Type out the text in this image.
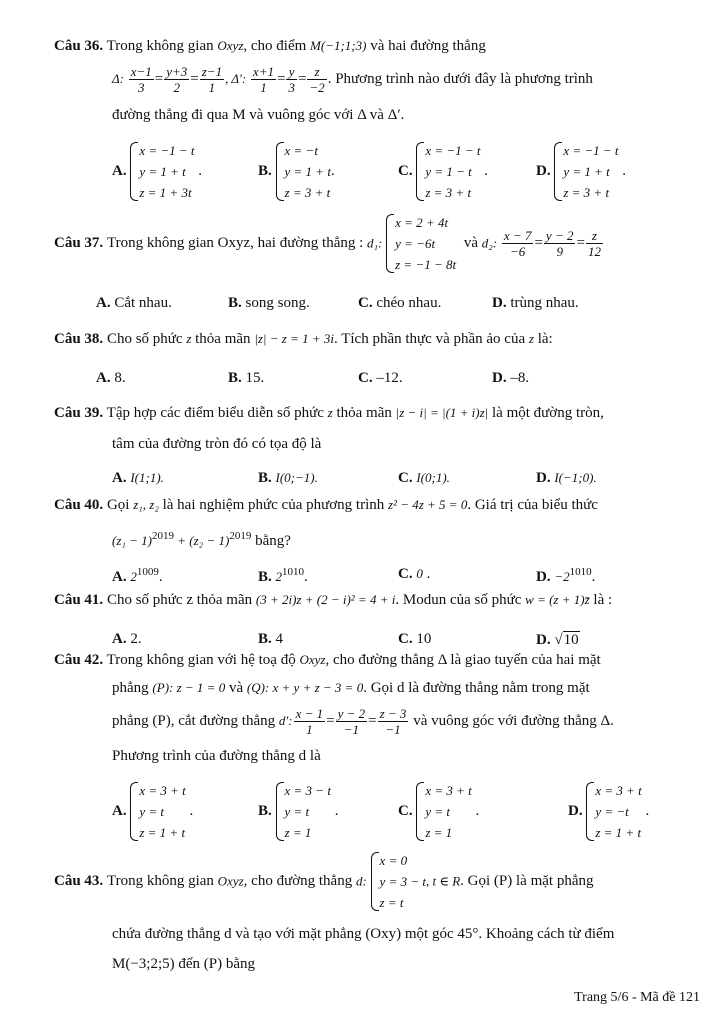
Câu 36. Trong không gian Oxyz, cho điểm M(−1;1;3) và hai đường thẳng
Δ: $\frac{x-1}{3} = \frac{y+3}{2} = \frac{z-1}{1}$ , Δ′: $\frac{x+1}{1} = \frac{y}{3} = \frac{z}{-2}$ . Phương trình nào dưới đây là phương trình
đường thẳng đi qua M và vuông góc với Δ và Δ′.
A.
x = −1 − t
y = 1 + t
z = 1 + 3t
.	B.
x = −t
y = 1 + t
z = 3 + t
.	C.
x = −1 − t
y = 1 − t
z = 3 + t
.	D.
x = −1 − t
y = 1 + t
z = 3 + t
.
Câu 37. Trong không gian Oxyz, hai đường thẳng : d₁:
x = 2 + 4t
y = −6t
z = −1 − 8t
và d₂: $\frac{x - 7}{-6} = \frac{y - 2}{9} = \frac{z}{12}$
A. Cắt nhau.	B. song song.	C. chéo nhau.	D. trùng nhau.
Câu 38. Cho số phức z thỏa mãn |z| − z = 1 + 3i. Tích phần thực và phần ảo của z là:
A. 8.	B. 15.	C. –12.	D. –8.
Câu 39. Tập hợp các điểm biểu diễn số phức z thỏa mãn |z − i| = |(1 + i)z| là một đường tròn,
tâm của đường tròn đó có tọa độ là
A. I(1;1).	B. I(0;−1).	C. I(0;1).	D. I(−1;0).
Câu 40. Gọi z₁, z₂ là hai nghiệm phức của phương trình z² − 4z + 5 = 0. Giá trị của biểu thức
$(z_1 - 1)^{2019} + (z_2 - 1)^{2019}$ bằng?
A. $2^{1009}$.	B. $2^{1010}$.	C. 0 .	D. $-2^{1010}$.
Câu 41. Cho số phức z thỏa mãn (3 + 2i)z + (2 − i)² = 4 + i. Modun của số phức w = (z + 1)z̄ là :
A. 2.	B. 4	C. 10	D. √10
Câu 42. Trong không gian với hệ toạ độ Oxyz, cho đường thẳng Δ là giao tuyến của hai mặt
phẳng (P): z − 1 = 0 và (Q): x + y + z − 3 = 0. Gọi d là đường thẳng nằm trong mặt
phẳng (P), cắt đường thẳng d′: $\frac{x - 1}{1} = \frac{y - 2}{-1} = \frac{z - 3}{-1}$ và vuông góc với đường thẳng Δ.
Phương trình của đường thẳng d là
A.
x = 3 + t
y = t
z = 1 + t
.	B.
x = 3 − t
y = t
z = 1
.	C.
x = 3 + t
y = t
z = 1
.	D.
x = 3 + t
y = −t
z = 1 + t
.
Câu 43. Trong không gian Oxyz, cho đường thẳng d:
x = 0
y = 3 − t
z = t
, t ∈ R. Gọi (P) là mặt phẳng
chứa đường thẳng d và tạo với mặt phẳng (Oxy) một góc 45°. Khoảng cách từ điểm
M(−3;2;5) đến (P) bằng
Trang 5/6 - Mã đề 121
